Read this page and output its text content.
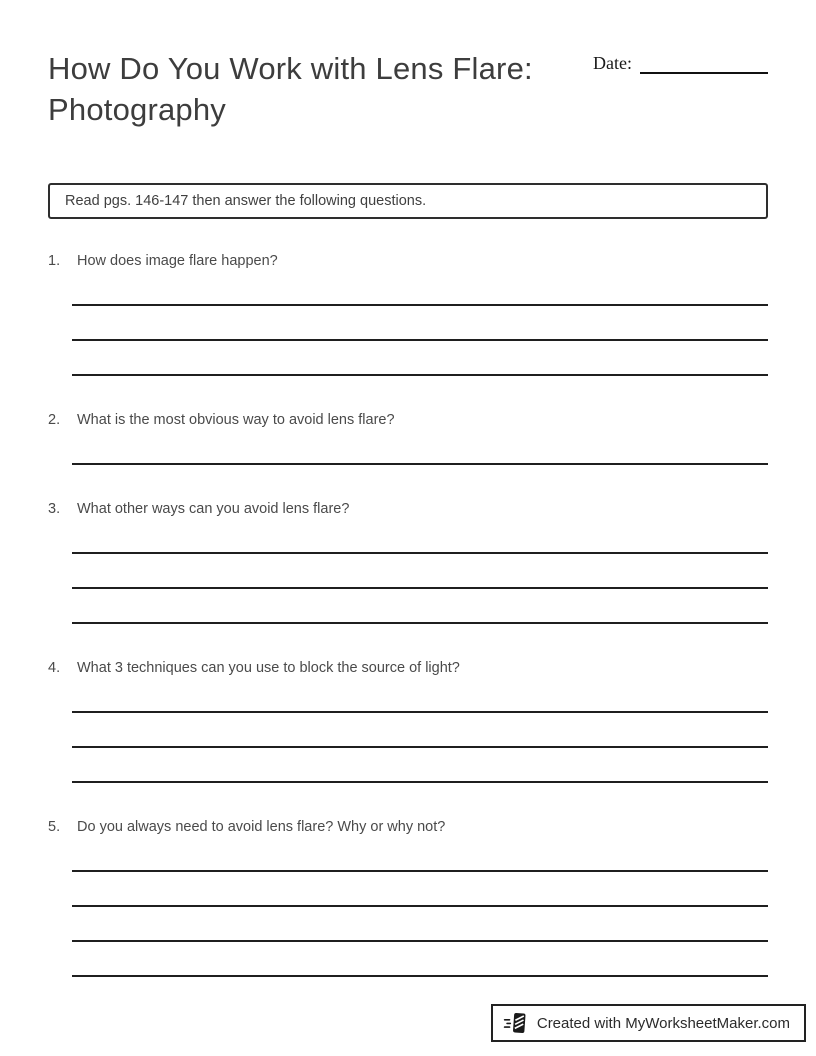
How Do You Work with Lens Flare:
Photography
Date:
Read pgs. 146-147 then answer the following questions.
1.	How does image flare happen?
2.	What is the most obvious way to avoid lens flare?
3.	What other ways can you avoid lens flare?
4.	What 3 techniques can you use to block the source of light?
5.	Do you always need to avoid lens flare? Why or why not?
Created with MyWorksheetMaker.com
